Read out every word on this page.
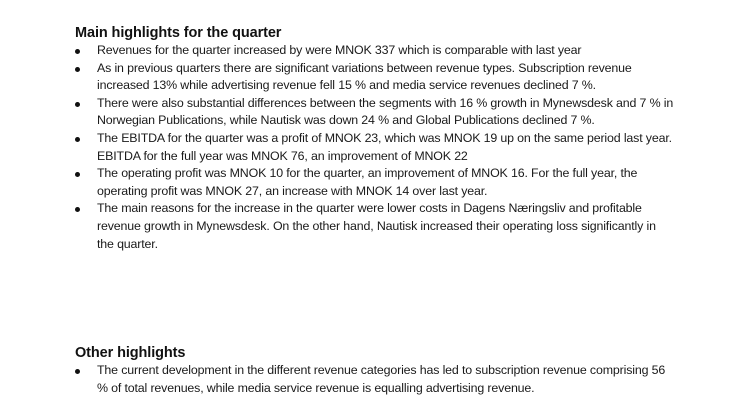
Main highlights for the quarter
Revenues for the quarter increased by were MNOK 337 which is comparable with last year
As in previous quarters there are significant variations between revenue types. Subscription revenue increased 13% while advertising revenue fell 15 % and media service revenues declined 7 %.
There were also substantial differences between the segments with 16 % growth in Mynewsdesk and 7 % in Norwegian Publications, while Nautisk was down 24 % and Global Publications declined 7 %.
The EBITDA for the quarter was a profit of MNOK 23, which was MNOK 19 up on the same period last year. EBITDA for the full year was MNOK 76, an improvement of MNOK 22
The operating profit was MNOK 10 for the quarter, an improvement of MNOK 16. For the full year, the operating profit was MNOK 27, an increase with MNOK 14 over last year.
The main reasons for the increase in the quarter were lower costs in Dagens Næringsliv and profitable revenue growth in Mynewsdesk. On the other hand, Nautisk increased their operating loss significantly in the quarter.
Other highlights
The current development in the different revenue categories has led to subscription revenue comprising 56 % of total revenues, while media service revenue is equalling advertising revenue.
